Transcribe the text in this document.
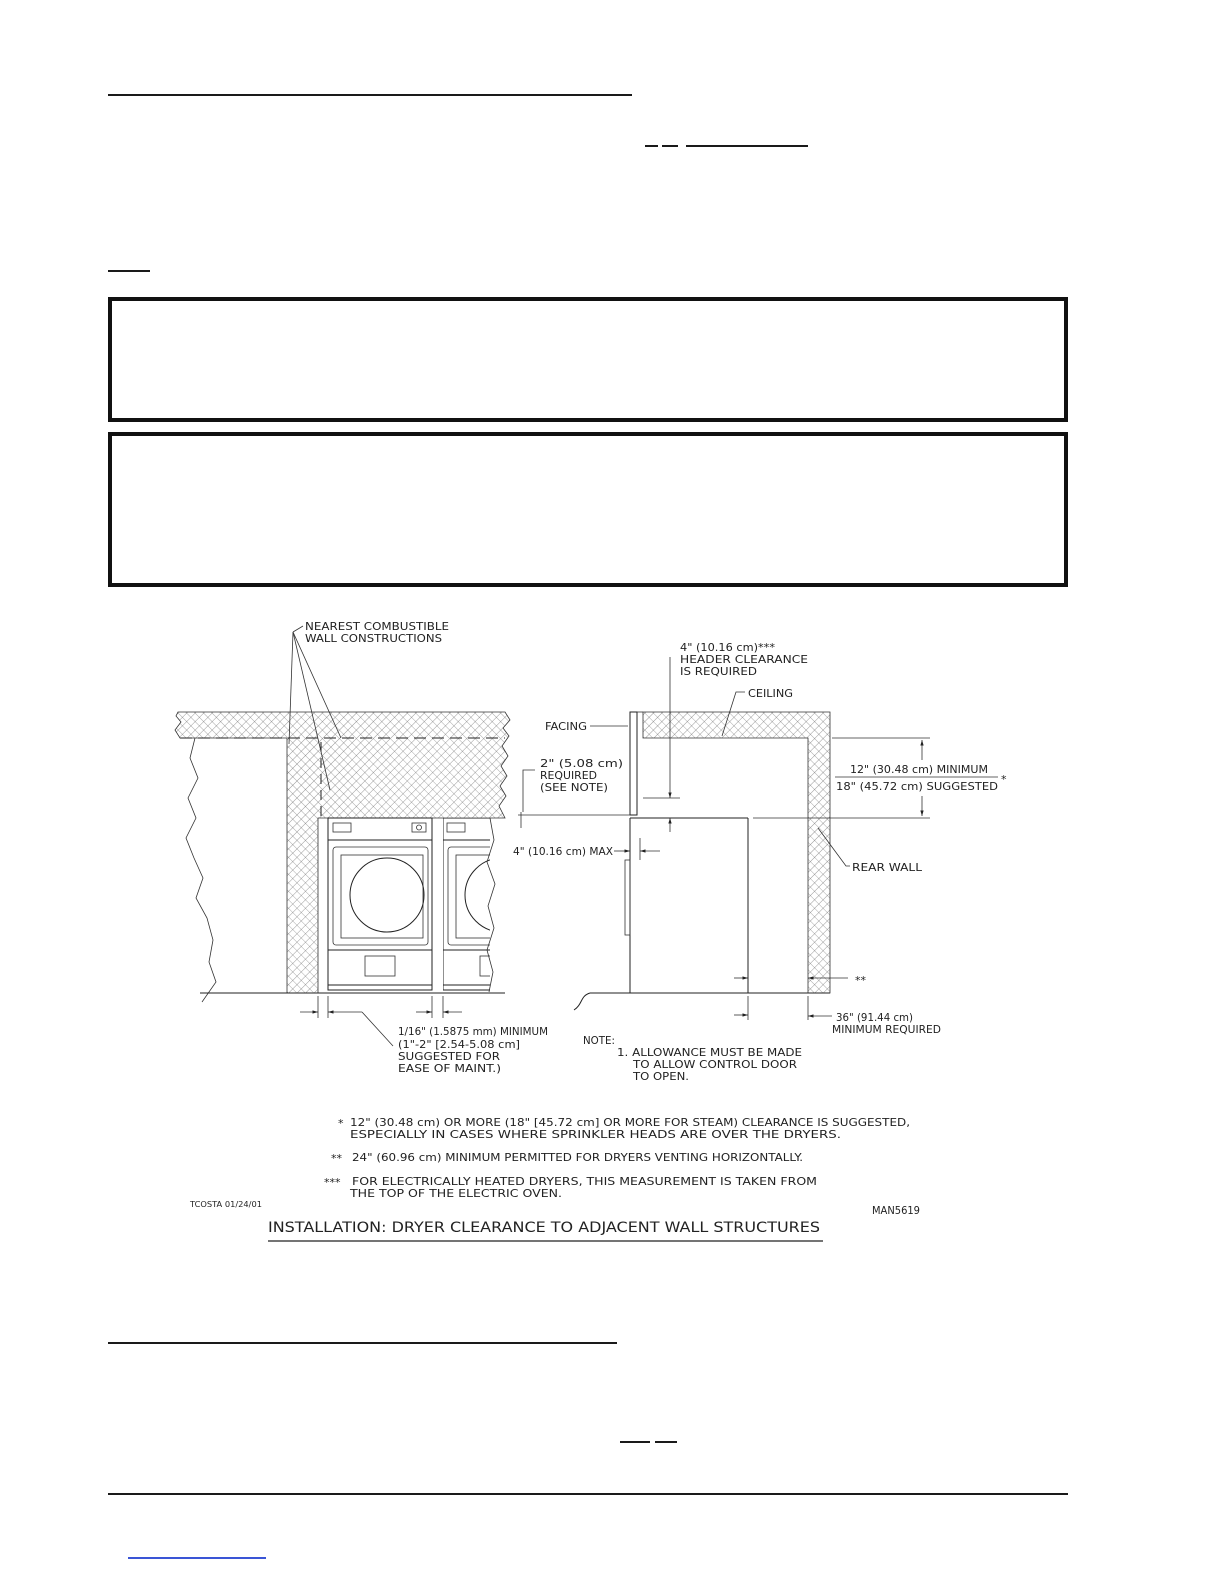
NEAREST COMBUSTIBLE
WALL CONSTRUCTIONS
1/16" (1.5875 mm) MINIMUM
(1"-2" [2.54-5.08 cm]
SUGGESTED FOR
EASE OF MAINT.)
4" (10.16 cm)***
HEADER CLEARANCE
IS REQUIRED
CEILING
FACING
2" (5.08 cm)
REQUIRED
(SEE NOTE)
4" (10.16 cm) MAX
12" (30.48 cm) MINIMUM
18" (45.72 cm) SUGGESTED
*
REAR WALL
**
36" (91.44 cm)
MINIMUM REQUIRED
NOTE:
1. ALLOWANCE MUST BE MADE
TO ALLOW CONTROL DOOR
TO OPEN.
* 12" (30.48 cm) OR MORE (18" [45.72 cm] OR MORE FOR STEAM) CLEARANCE IS SUGGESTED,
ESPECIALLY IN CASES WHERE SPRINKLER HEADS ARE OVER THE DRYERS.
** 24" (60.96 cm) MINIMUM PERMITTED FOR DRYERS VENTING HORIZONTALLY.
*** FOR ELECTRICALLY HEATED DRYERS, THIS MEASUREMENT IS TAKEN FROM
THE TOP OF THE ELECTRIC OVEN.
TCOSTA 01/24/01	MAN5619
INSTALLATION: DRYER CLEARANCE TO ADJACENT WALL STRUCTURES
